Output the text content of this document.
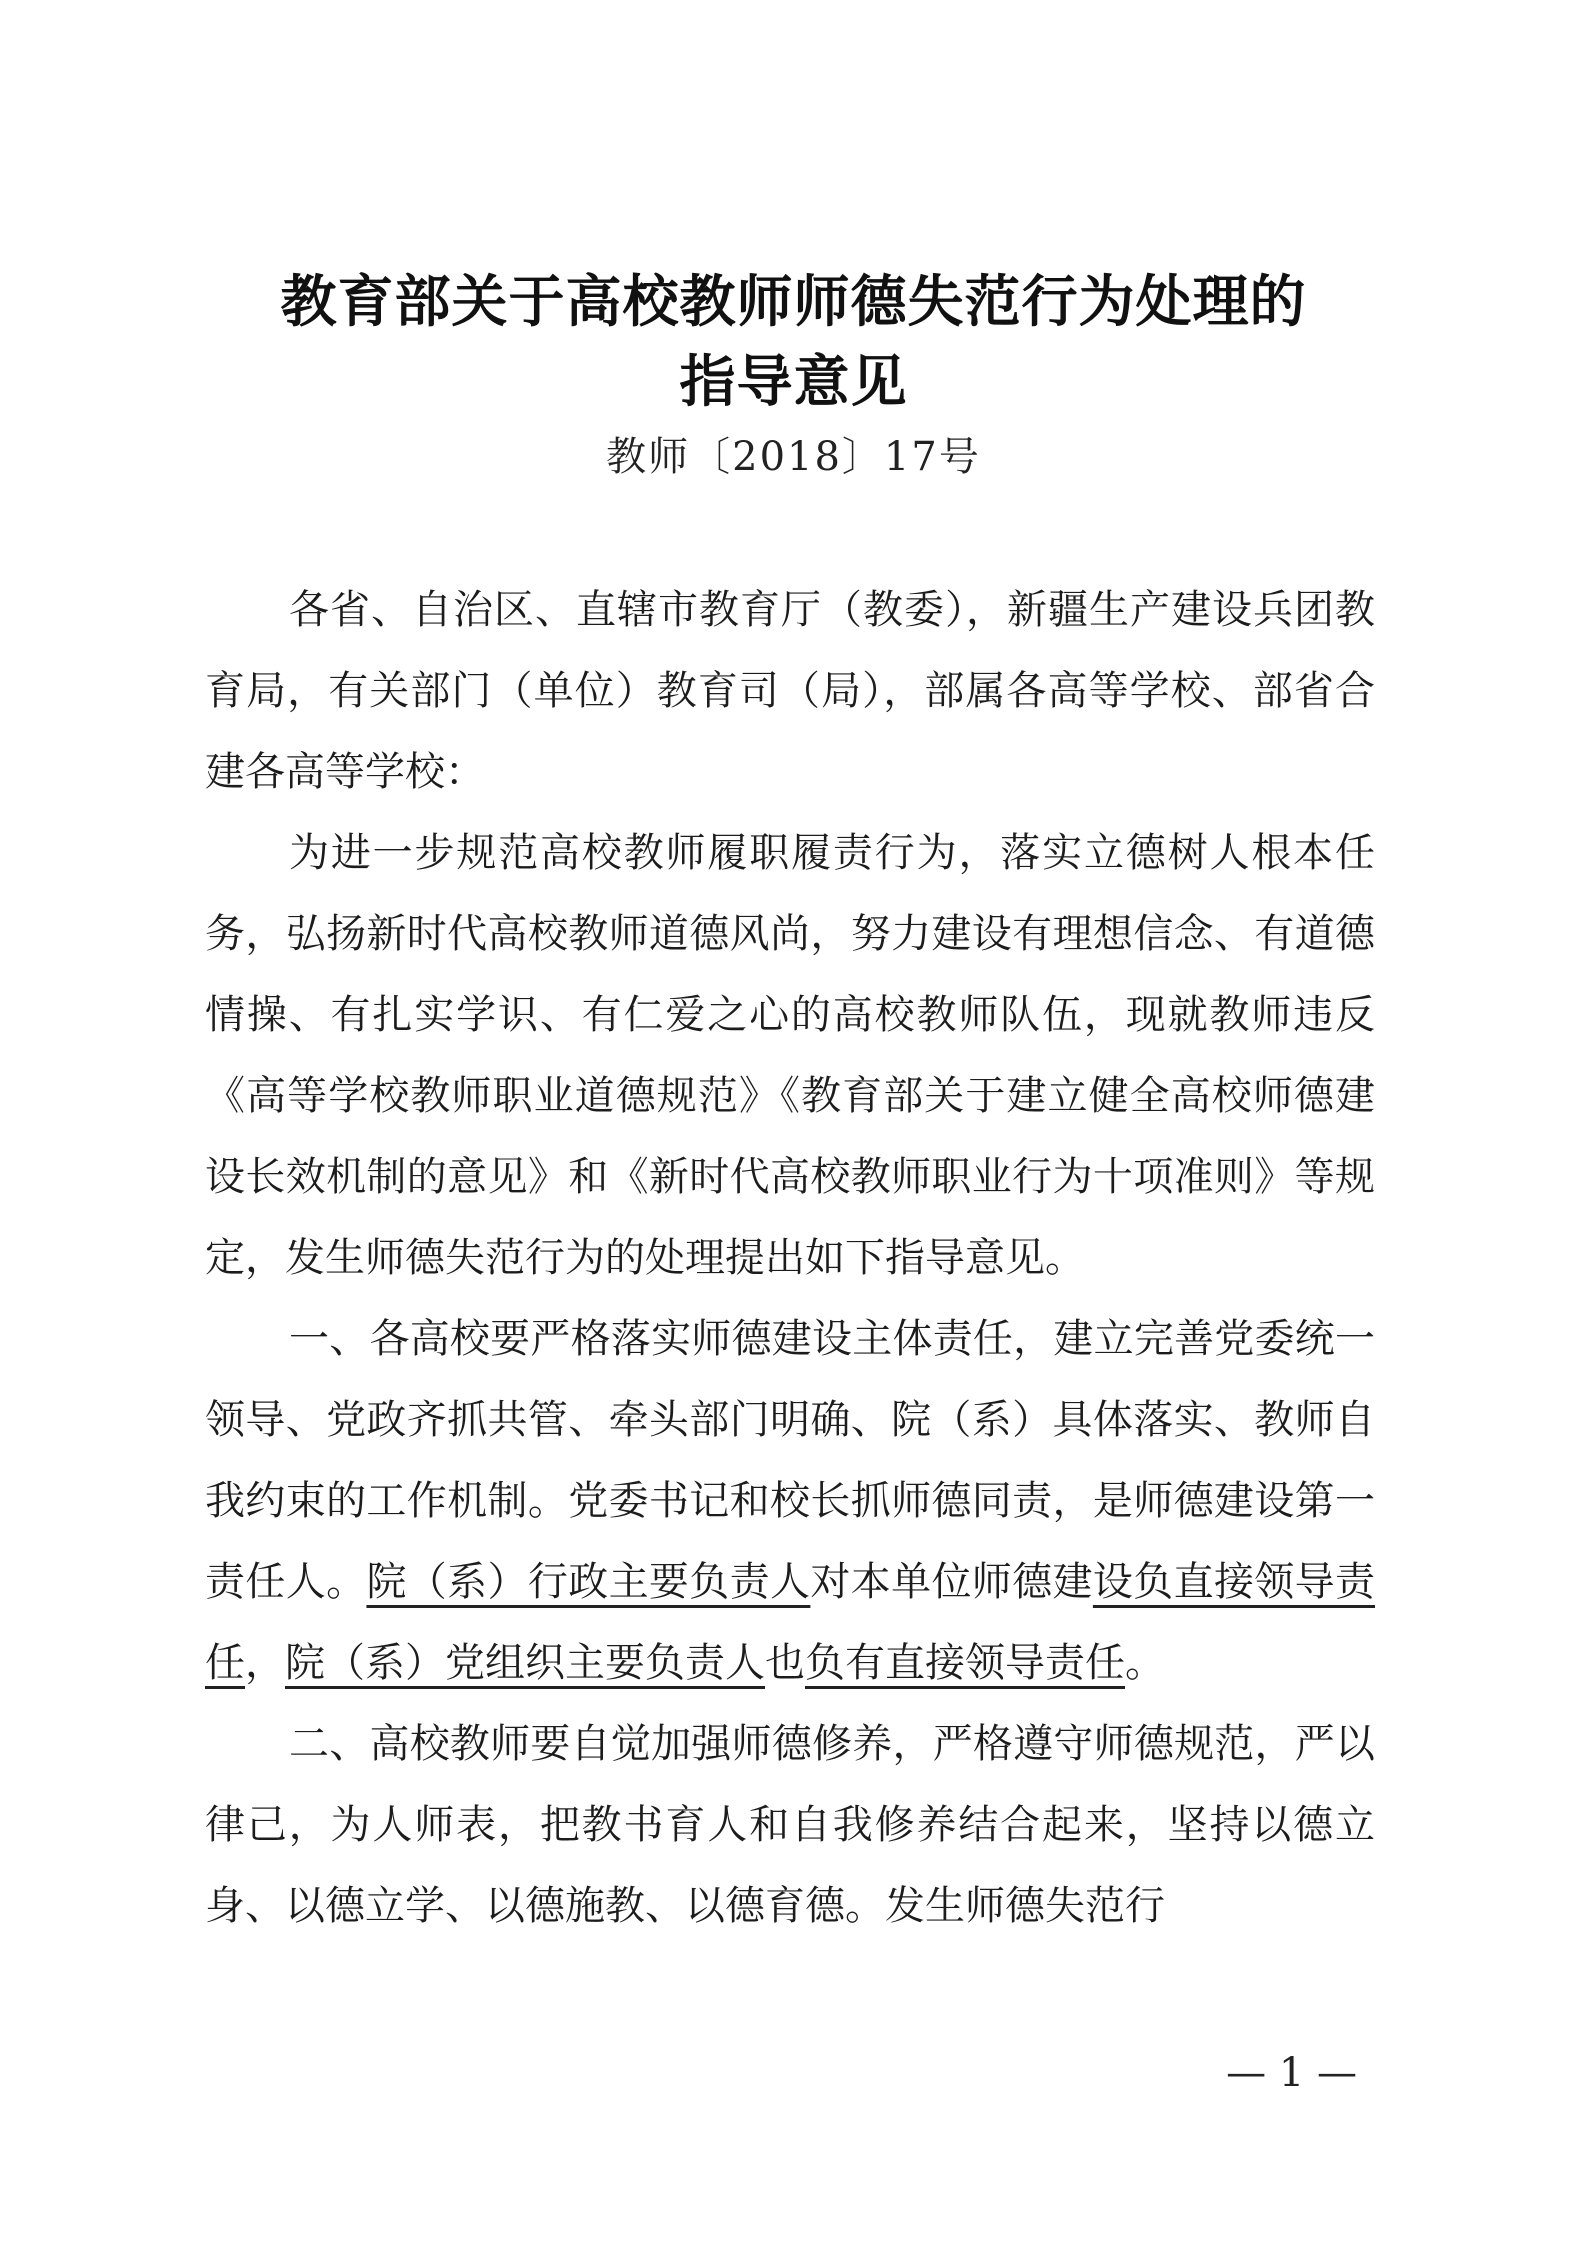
教育部关于高校教师师德失范行为处理的
指导意见
教师〔2018〕17号

各省、自治区、直辖市教育厅（教委），新疆生产建设兵团教育局，有关部门（单位）教育司（局），部属各高等学校、部省合建各高等学校：

为进一步规范高校教师履职履责行为，落实立德树人根本任务，弘扬新时代高校教师道德风尚，努力建设有理想信念、有道德情操、有扎实学识、有仁爱之心的高校教师队伍，现就教师违反《高等学校教师职业道德规范》《教育部关于建立健全高校师德建设长效机制的意见》和《新时代高校教师职业行为十项准则》等规定，发生师德失范行为的处理提出如下指导意见。

一、各高校要严格落实师德建设主体责任，建立完善党委统一领导、党政齐抓共管、牵头部门明确、院（系）具体落实、教师自我约束的工作机制。党委书记和校长抓师德同责，是师德建设第一责任人。院（系）行政主要负责人对本单位师德建设负直接领导责任，院（系）党组织主要负责人也负有直接领导责任。

二、高校教师要自觉加强师德修养，严格遵守师德规范，严以律己，为人师表，把教书育人和自我修养结合起来，坚持以德立身、以德立学、以德施教、以德育德。发生师德失范行

— 1 —
